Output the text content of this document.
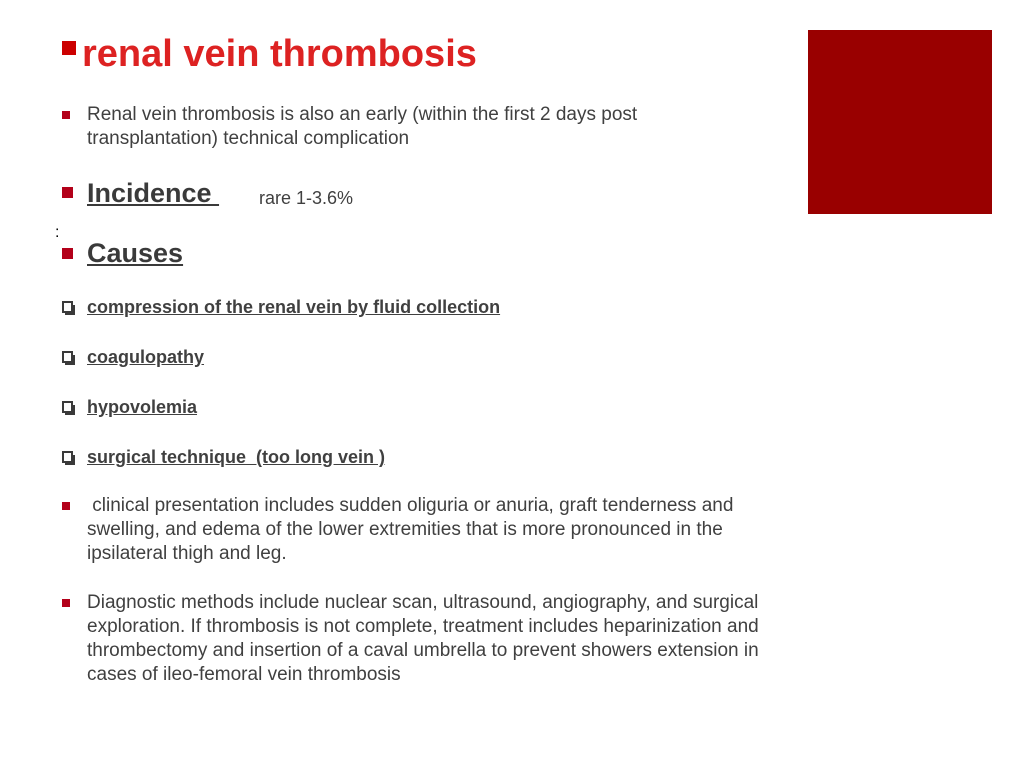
renal vein thrombosis

Renal vein thrombosis is also an early (within the first 2 days post transplantation) technical complication

Incidence rare 1-3.6%

:

Causes

compression of the renal vein by fluid collection

coagulopathy

hypovolemia

surgical technique  (too long vein )

clinical presentation includes sudden oliguria or anuria, graft tenderness and swelling, and edema of the lower extremities that is more pronounced in the ipsilateral thigh and leg.

Diagnostic methods include nuclear scan, ultrasound, angiography, and surgical exploration. If thrombosis is not complete, treatment includes heparinization and thrombectomy and insertion of a caval umbrella to prevent showers extension in cases of ileo-femoral vein thrombosis
